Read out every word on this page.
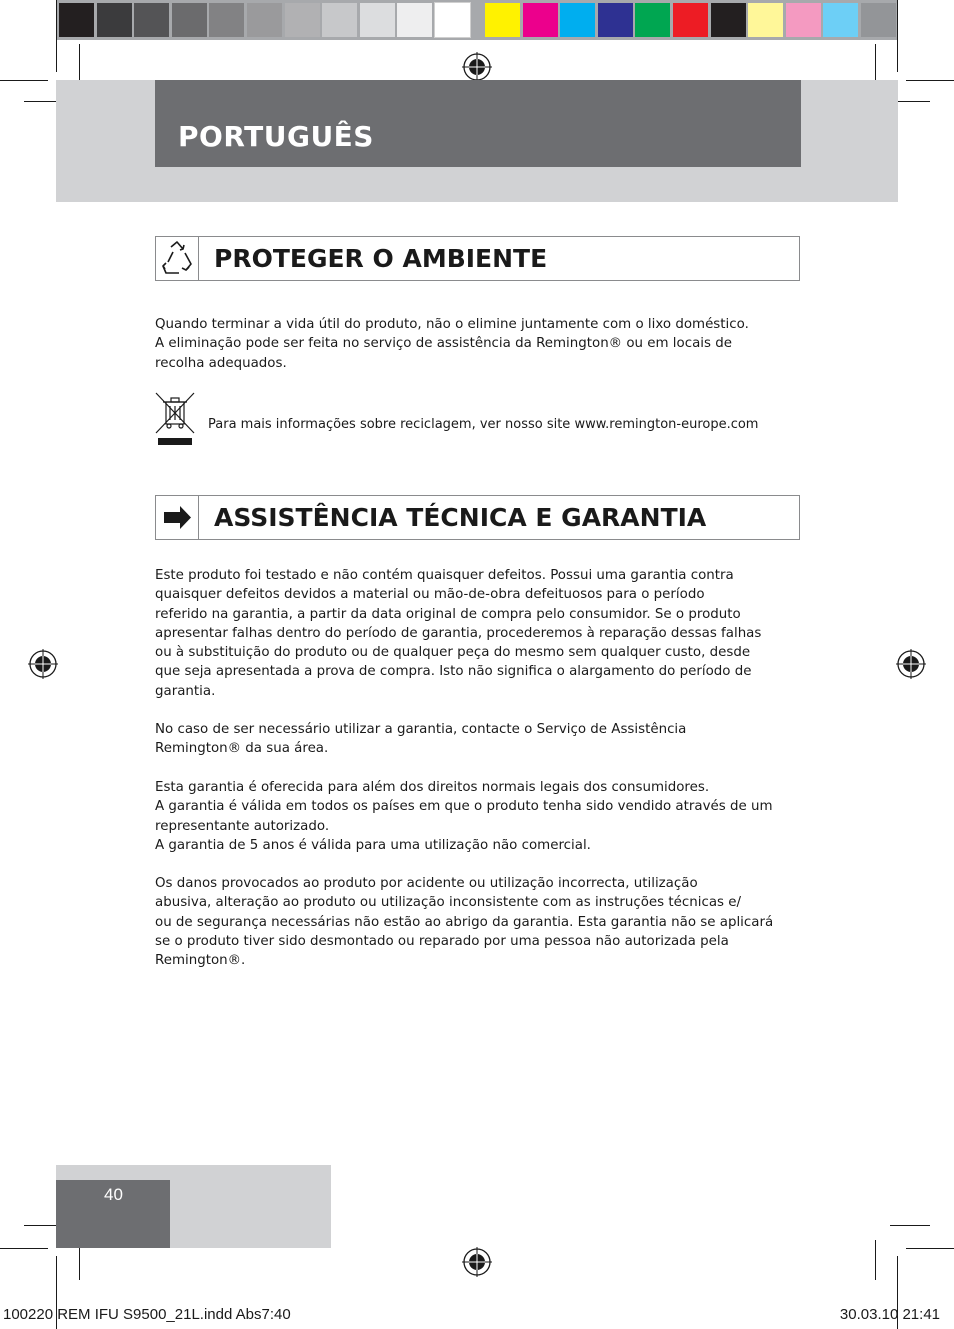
PORTUGUÊS
PROTEGER O AMBIENTE

Quando terminar a vida útil do produto, não o elimine juntamente com o lixo doméstico.

A eliminação pode ser feita no serviço de assistência da Remington® ou em locais de

recolha adequados.

Para mais informações sobre reciclagem, ver nosso site www.remington-europe.com
ASSISTÊNCIA TÉCNICA E GARANTIA

Este produto foi testado e não contém quaisquer defeitos. Possui uma garantia contra

quaisquer defeitos devidos a material ou mão-de-obra defeituosos para o período

referido na garantia, a partir da data original de compra pelo consumidor. Se o produto

apresentar falhas dentro do período de garantia, procederemos à reparação dessas falhas

ou à substituição do produto ou de qualquer peça do mesmo sem qualquer custo, desde

que seja apresentada a prova de compra. Isto não significa o alargamento do período de

garantia.

No caso de ser necessário utilizar a garantia, contacte o Serviço de Assistência

Remington® da sua área.

Esta garantia é oferecida para além dos direitos normais legais dos consumidores.

A garantia é válida em todos os países em que o produto tenha sido vendido através de um

representante autorizado.

A garantia de 5 anos é válida para uma utilização não comercial.

Os danos provocados ao produto por acidente ou utilização incorrecta, utilização

abusiva, alteração ao produto ou utilização inconsistente com as instruções técnicas e/

ou de segurança necessárias não estão ao abrigo da garantia. Esta garantia não se aplicará

se o produto tiver sido desmontado ou reparado por uma pessoa não autorizada pela

Remington®.

40
100220 REM IFU S9500_21L.indd Abs7:40	30.03.10 21:41
